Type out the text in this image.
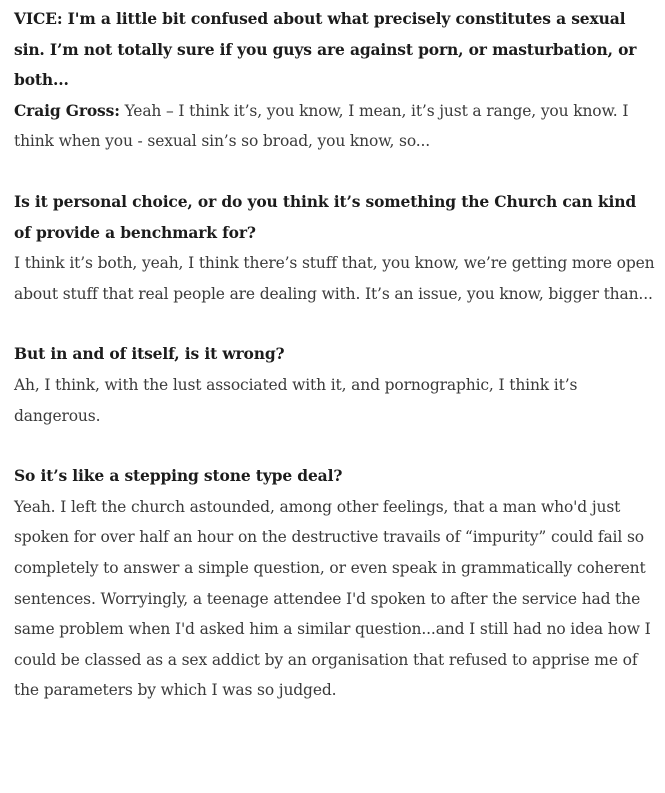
VICE: I'm a little bit confused about what precisely constitutes a sexual sin. I’m not totally sure if you guys are against porn, or masturbation, or both...

Craig Gross: Yeah – I think it’s, you know, I mean, it’s just a range, you know. I think when you - sexual sin’s so broad, you know, so...

Is it personal choice, or do you think it’s something the Church can kind of provide a benchmark for?

I think it’s both, yeah, I think there’s stuff that, you know, we’re getting more open about stuff that real people are dealing with. It’s an issue, you know, bigger than...

But in and of itself, is it wrong?

Ah, I think, with the lust associated with it, and pornographic, I think it’s dangerous.

So it’s like a stepping stone type deal?

Yeah. I left the church astounded, among other feelings, that a man who'd just spoken for over half an hour on the destructive travails of “impurity” could fail so completely to answer a simple question, or even speak in grammatically coherent sentences. Worryingly, a teenage attendee I'd spoken to after the service had the same problem when I'd asked him a similar question...and I still had no idea how I could be classed as a sex addict by an organisation that refused to apprise me of the parameters by which I was so judged.
